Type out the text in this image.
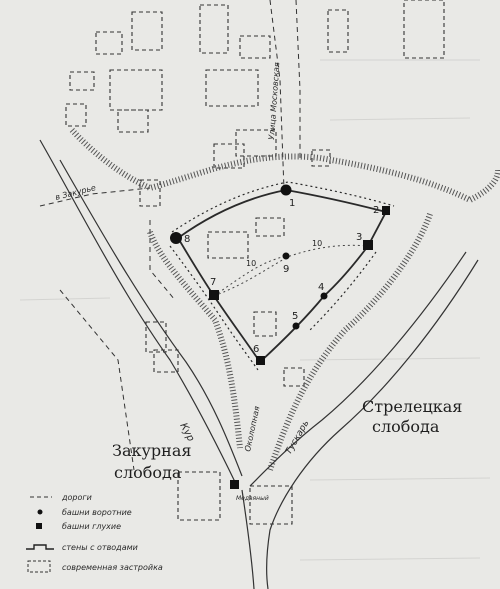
1
2
3
4
5
6
7
8
9
10
10
Закурная
слобода
Стрелецкая
слобода
Кур	Тускарь
Улица Московская
в Закурье
Околопная
Медвяный
дороги
башни воротние
башни глухие
стены с отводами
современная застройка
